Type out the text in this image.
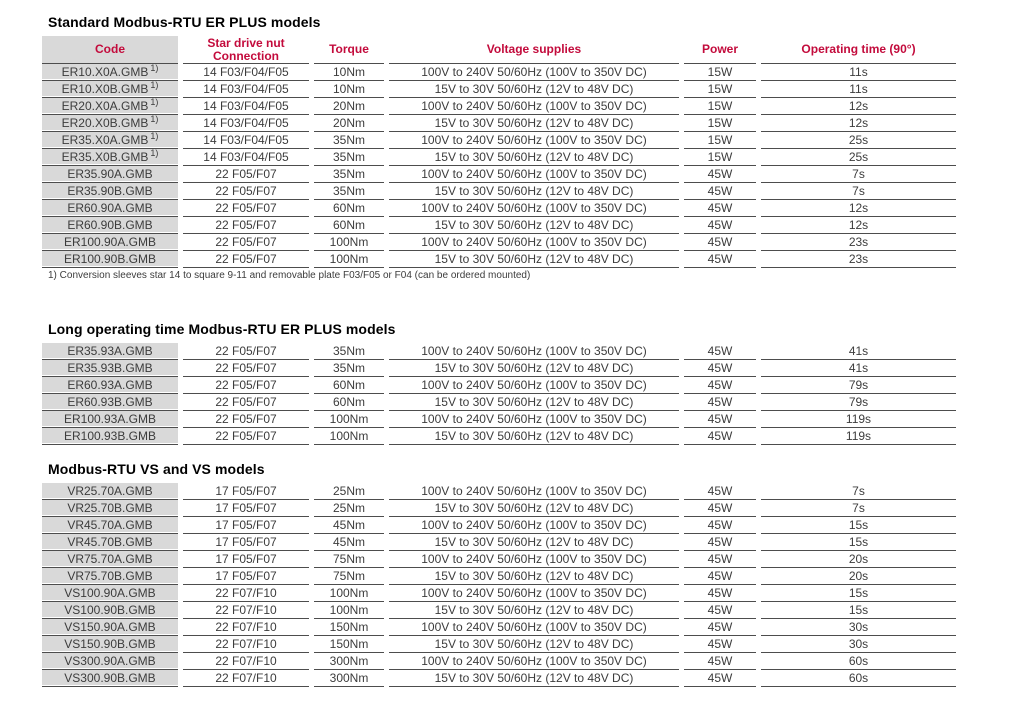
Standard Modbus-RTU ER PLUS models
Code	Star drive nut Connection	Torque	Voltage supplies	Power	Operating time (90°)
ER10.X0A.GMB $^{1)}$	14 F03/F04/F05	10Nm	100V to 240V 50/60Hz (100V to 350V DC)	15W	11s
ER10.X0B.GMB $^{1)}$	14 F03/F04/F05	10Nm	15V to 30V 50/60Hz (12V to 48V DC)	15W	11s
ER20.X0A.GMB $^{1)}$	14 F03/F04/F05	20Nm	100V to 240V 50/60Hz (100V to 350V DC)	15W	12s
ER20.X0B.GMB $^{1)}$	14 F03/F04/F05	20Nm	15V to 30V 50/60Hz (12V to 48V DC)	15W	12s
ER35.X0A.GMB $^{1)}$	14 F03/F04/F05	35Nm	100V to 240V 50/60Hz (100V to 350V DC)	15W	25s
ER35.X0B.GMB $^{1)}$	14 F03/F04/F05	35Nm	15V to 30V 50/60Hz (12V to 48V DC)	15W	25s
ER35.90A.GMB	22 F05/F07	35Nm	100V to 240V 50/60Hz (100V to 350V DC)	45W	7s
ER35.90B.GMB	22 F05/F07	35Nm	15V to 30V 50/60Hz (12V to 48V DC)	45W	7s
ER60.90A.GMB	22 F05/F07	60Nm	100V to 240V 50/60Hz (100V to 350V DC)	45W	12s
ER60.90B.GMB	22 F05/F07	60Nm	15V to 30V 50/60Hz (12V to 48V DC)	45W	12s
ER100.90A.GMB	22 F05/F07	100Nm	100V to 240V 50/60Hz (100V to 350V DC)	45W	23s
ER100.90B.GMB	22 F05/F07	100Nm	15V to 30V 50/60Hz (12V to 48V DC)	45W	23s
1) Conversion sleeves star 14 to square 9-11 and removable plate F03/F05 or F04 (can be ordered mounted)
Long operating time Modbus-RTU ER PLUS models
ER35.93A.GMB	22 F05/F07	35Nm	100V to 240V 50/60Hz (100V to 350V DC)	45W	41s
ER35.93B.GMB	22 F05/F07	35Nm	15V to 30V 50/60Hz (12V to 48V DC)	45W	41s
ER60.93A.GMB	22 F05/F07	60Nm	100V to 240V 50/60Hz (100V to 350V DC)	45W	79s
ER60.93B.GMB	22 F05/F07	60Nm	15V to 30V 50/60Hz (12V to 48V DC)	45W	79s
ER100.93A.GMB	22 F05/F07	100Nm	100V to 240V 50/60Hz (100V to 350V DC)	45W	119s
ER100.93B.GMB	22 F05/F07	100Nm	15V to 30V 50/60Hz (12V to 48V DC)	45W	119s
Modbus-RTU VS and VS models
VR25.70A.GMB	17 F05/F07	25Nm	100V to 240V 50/60Hz (100V to 350V DC)	45W	7s
VR25.70B.GMB	17 F05/F07	25Nm	15V to 30V 50/60Hz (12V to 48V DC)	45W	7s
VR45.70A.GMB	17 F05/F07	45Nm	100V to 240V 50/60Hz (100V to 350V DC)	45W	15s
VR45.70B.GMB	17 F05/F07	45Nm	15V to 30V 50/60Hz (12V to 48V DC)	45W	15s
VR75.70A.GMB	17 F05/F07	75Nm	100V to 240V 50/60Hz (100V to 350V DC)	45W	20s
VR75.70B.GMB	17 F05/F07	75Nm	15V to 30V 50/60Hz (12V to 48V DC)	45W	20s
VS100.90A.GMB	22 F07/F10	100Nm	100V to 240V 50/60Hz (100V to 350V DC)	45W	15s
VS100.90B.GMB	22 F07/F10	100Nm	15V to 30V 50/60Hz (12V to 48V DC)	45W	15s
VS150.90A.GMB	22 F07/F10	150Nm	100V to 240V 50/60Hz (100V to 350V DC)	45W	30s
VS150.90B.GMB	22 F07/F10	150Nm	15V to 30V 50/60Hz (12V to 48V DC)	45W	30s
VS300.90A.GMB	22 F07/F10	300Nm	100V to 240V 50/60Hz (100V to 350V DC)	45W	60s
VS300.90B.GMB	22 F07/F10	300Nm	15V to 30V 50/60Hz (12V to 48V DC)	45W	60s
